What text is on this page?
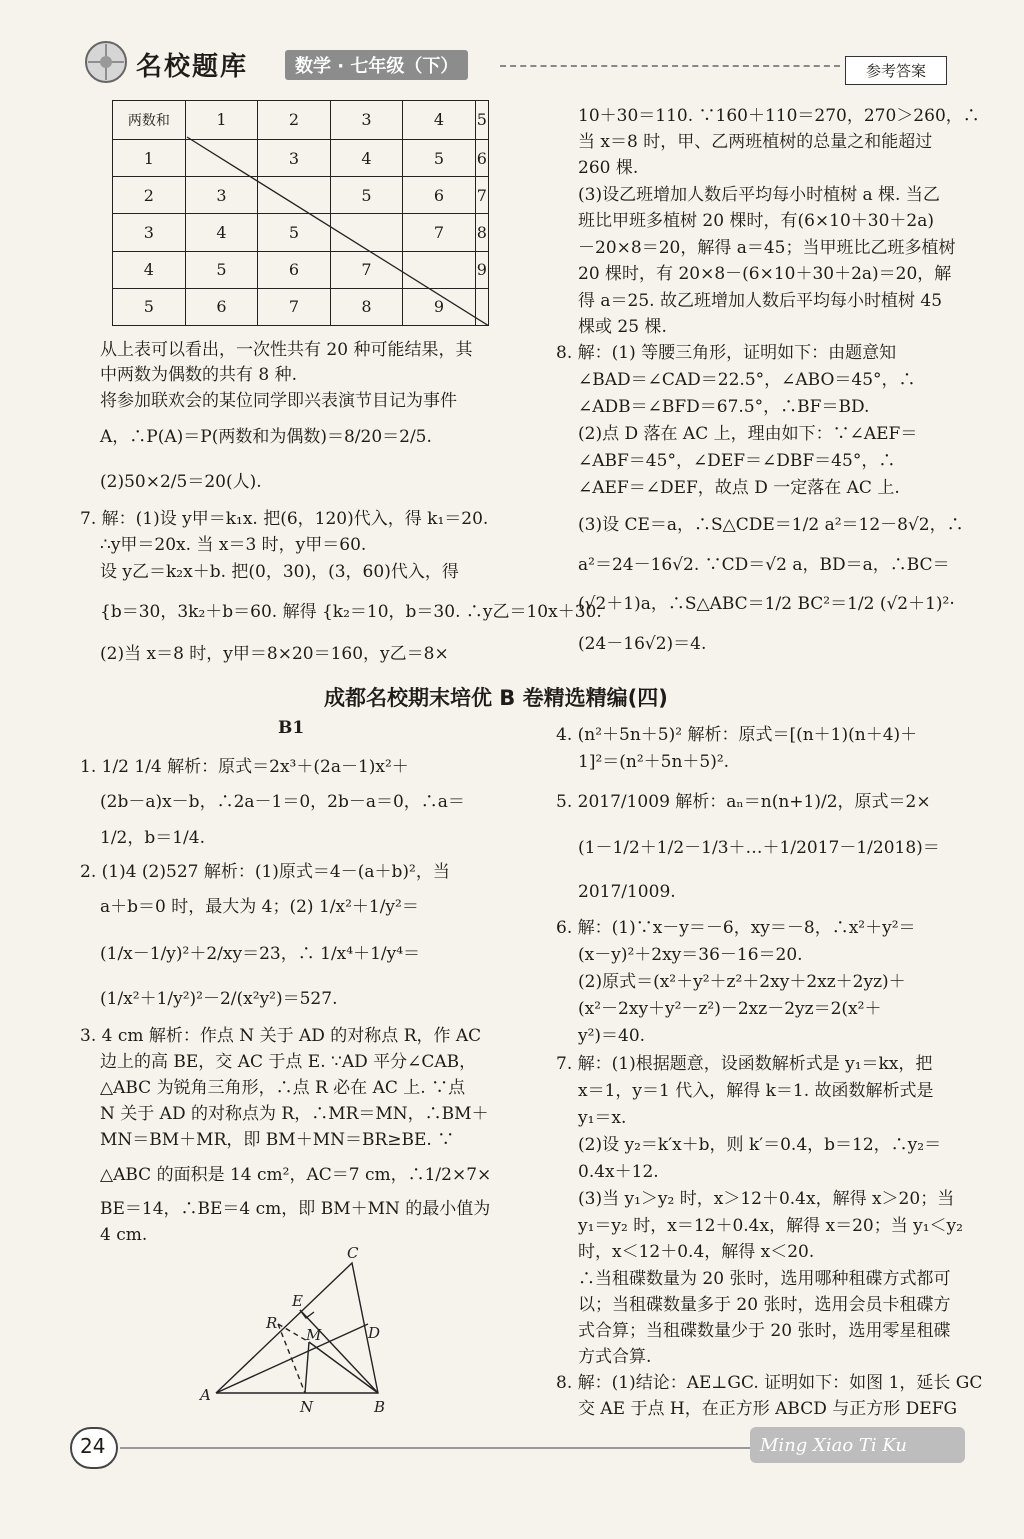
名校题库	数学 · 七年级（下）	参考答案
两数和	1	2	3	4	5
1		3	4	5	6
2	3		5	6	7
3	4	5		7	8
4	5	6	7		9
5	6	7	8	9	
从上表可以看出，一次性共有 20 种可能结果，其
中两数为偶数的共有 8 种.
将参加联欢会的某位同学即兴表演节目记为事件
A，∴P(A)＝P(两数和为偶数)＝8/20＝2/5.
(2)50×2/5＝20(人).
7. 解：(1)设 y甲＝k₁x. 把(6，120)代入，得 k₁＝20.
∴y甲＝20x. 当 x＝3 时，y甲＝60.
设 y乙＝k₂x＋b. 把(0，30)，(3，60)代入，得
{b＝30，3k₂＋b＝60. 解得 {k₂＝10，b＝30. ∴y乙＝10x＋30.
(2)当 x＝8 时，y甲＝8×20＝160，y乙＝8×
10＋30＝110. ∵160＋110＝270，270＞260，∴
当 x＝8 时，甲、乙两班植树的总量之和能超过
260 棵.
(3)设乙班增加人数后平均每小时植树 a 棵. 当乙
班比甲班多植树 20 棵时，有(6×10＋30＋2a)
－20×8＝20，解得 a＝45；当甲班比乙班多植树
20 棵时，有 20×8－(6×10＋30＋2a)＝20，解
得 a＝25. 故乙班增加人数后平均每小时植树 45
棵或 25 棵.
8. 解：(1) 等腰三角形，证明如下：由题意知
∠BAD＝∠CAD＝22.5°，∠ABO＝45°，∴
∠ADB＝∠BFD＝67.5°，∴BF＝BD.
(2)点 D 落在 AC 上，理由如下：∵∠AEF＝
∠ABF＝45°，∠DEF＝∠DBF＝45°，∴
∠AEF＝∠DEF，故点 D 一定落在 AC 上.
(3)设 CE＝a，∴S△CDE＝1/2 a²＝12－8√2，∴
a²＝24－16√2. ∵CD＝√2 a，BD＝a，∴BC＝
(√2＋1)a，∴S△ABC＝1/2 BC²＝1/2 (√2＋1)²·
(24－16√2)＝4.
成都名校期末培优 B 卷精选精编(四)
B1
1. 1/2 1/4 解析：原式＝2x³＋(2a－1)x²＋
(2b－a)x－b，∴2a－1＝0，2b－a＝0，∴a＝
1/2，b＝1/4.
2. (1)4 (2)527 解析：(1)原式＝4－(a＋b)²，当
a＋b＝0 时，最大为 4；(2) 1/x²＋1/y²＝
(1/x－1/y)²＋2/xy＝23，∴ 1/x⁴＋1/y⁴＝
(1/x²＋1/y²)²－2/(x²y²)＝527.
3. 4 cm 解析：作点 N 关于 AD 的对称点 R，作 AC
边上的高 BE，交 AC 于点 E. ∵AD 平分∠CAB，
△ABC 为锐角三角形，∴点 R 必在 AC 上. ∵点
N 关于 AD 的对称点为 R，∴MR＝MN，∴BM＋
MN＝BM＋MR，即 BM＋MN＝BR≥BE. ∵
△ABC 的面积是 14 cm²，AC＝7 cm，∴1/2×7×
BE＝14，∴BE＝4 cm，即 BM＋MN 的最小值为
4 cm.
A
B
C
D
E
R
M
N
4. (n²＋5n＋5)² 解析：原式＝[(n＋1)(n＋4)＋
1]²＝(n²＋5n＋5)².
5. 2017/1009 解析：aₙ＝n(n+1)/2，原式＝2×
(1－1/2＋1/2－1/3＋…＋1/2017－1/2018)＝
2017/1009.
6. 解：(1)∵x－y＝－6，xy＝－8，∴x²＋y²＝
(x－y)²＋2xy＝36－16＝20.
(2)原式＝(x²＋y²＋z²＋2xy＋2xz＋2yz)＋
(x²－2xy＋y²－z²)－2xz－2yz＝2(x²＋
y²)＝40.
7. 解：(1)根据题意，设函数解析式是 y₁＝kx，把
x＝1，y＝1 代入，解得 k＝1. 故函数解析式是
y₁＝x.
(2)设 y₂＝k′x＋b，则 k′＝0.4，b＝12，∴y₂＝
0.4x＋12.
(3)当 y₁＞y₂ 时，x＞12＋0.4x，解得 x＞20；当
y₁＝y₂ 时，x＝12＋0.4x，解得 x＝20；当 y₁＜y₂
时，x＜12＋0.4，解得 x＜20.
∴当租碟数量为 20 张时，选用哪种租碟方式都可
以；当租碟数量多于 20 张时，选用会员卡租碟方
式合算；当租碟数量少于 20 张时，选用零星租碟
方式合算.
8. 解：(1)结论：AE⊥GC. 证明如下：如图 1，延长 GC
交 AE 于点 H，在正方形 ABCD 与正方形 DEFG
24	Ming Xiao Ti Ku
